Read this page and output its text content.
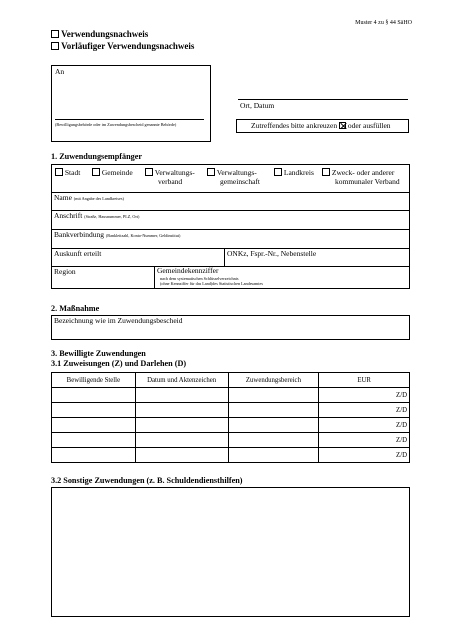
Muster 4 zu § 44 SäHO
Verwendungsnachweis
Vorläufiger Verwendungsnachweis
An
(Bewilligungsbehörde oder im Zuwendungsbescheid genannte Behörde)
Ort, Datum
Zutreffendes bitte ankreuzen oder ausfüllen
1. Zuwendungsempfänger
Stadt	Gemeinde	Verwaltungs-
verband
Verwaltungs-
gemeinschaft
Landkreis	Zweck- oder anderer
kommunaler Verband
Name (mit Angabe des Landkreises)
Anschrift (Straße, Hausnummer, PLZ, Ort)
Bankverbindung (Bankleitzahl, Konto-Nummer, Geldinstitut)
Auskunft erteilt	ONKz, Fspr.-Nr., Nebenstelle
Region	Gemeindekennziffer
nach dem systematischen Schlüsselverzeichnis
(ohne Kennziffer für das Land)des Statistischen Landesamtes
2. Maßnahme
Bezeichnung wie im Zuwendungsbescheid
3. Bewilligte Zuwendungen
3.1 Zuweisungen (Z) und Darlehen (D)
Bewilligende Stelle	Datum und Aktenzeichen	Zuwendungsbereich	EUR
			Z/D
			Z/D
			Z/D
			Z/D
			Z/D
3.2 Sonstige Zuwendungen (z. B. Schuldendiensthilfen)
